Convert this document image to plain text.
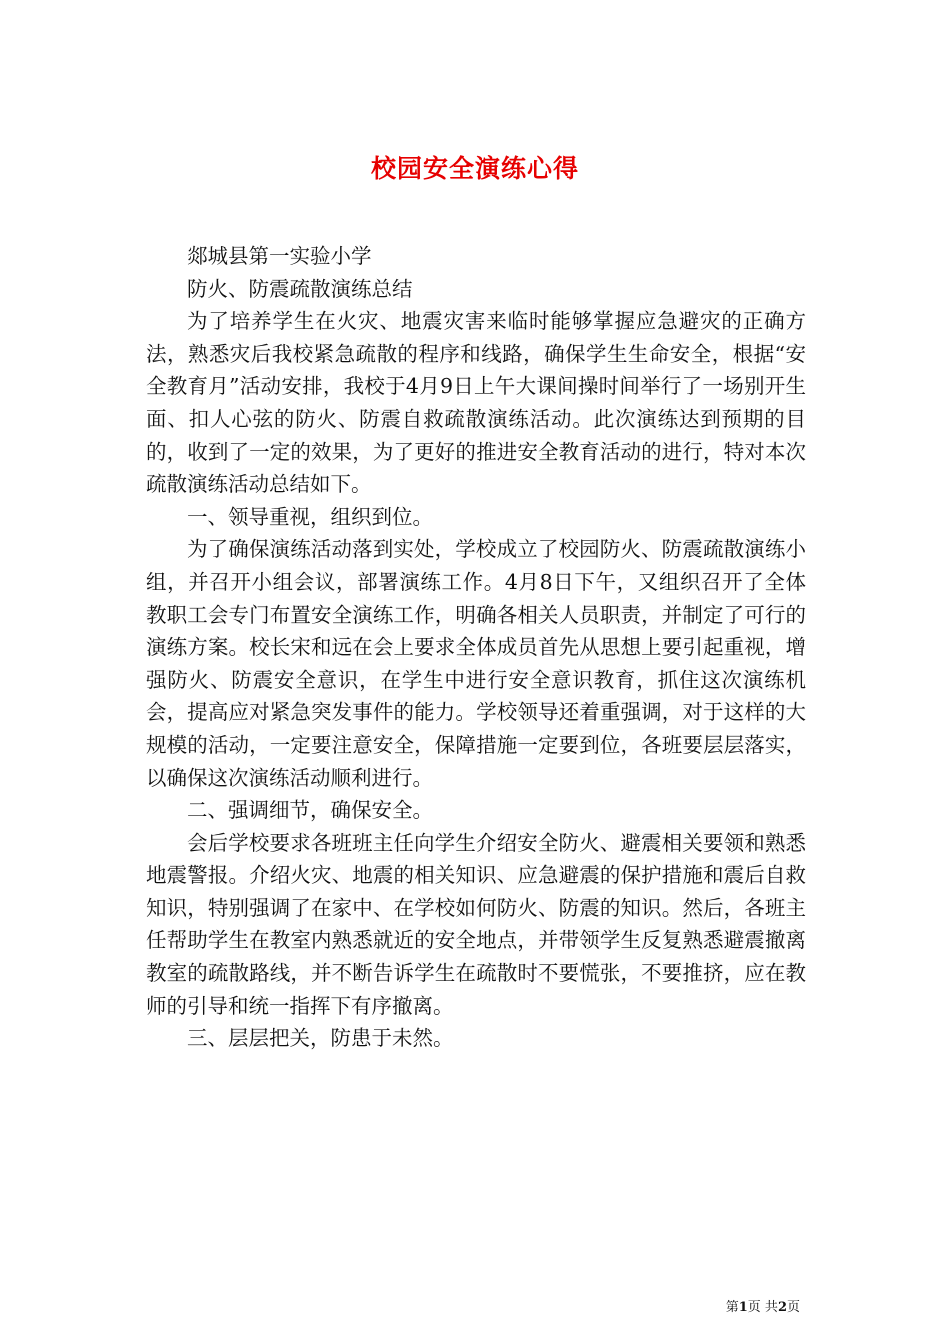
校园安全演练心得

郯城县第一实验小学

防火、防震疏散演练总结

为了培养学生在火灾、地震灾害来临时能够掌握应急避灾的正确方法，熟悉灾后我校紧急疏散的程序和线路，确保学生生命安全，根据“安全教育月”活动安排，我校于4月9日上午大课间操时间举行了一场别开生面、扣人心弦的防火、防震自救疏散演练活动。此次演练达到预期的目的，收到了一定的效果，为了更好的推进安全教育活动的进行，特对本次疏散演练活动总结如下。

一、领导重视，组织到位。

为了确保演练活动落到实处，学校成立了校园防火、防震疏散演练小组，并召开小组会议，部署演练工作。4月8日下午，又组织召开了全体教职工会专门布置安全演练工作，明确各相关人员职责，并制定了可行的演练方案。校长宋和远在会上要求全体成员首先从思想上要引起重视，增强防火、防震安全意识，在学生中进行安全意识教育，抓住这次演练机会，提高应对紧急突发事件的能力。学校领导还着重强调，对于这样的大规模的活动，一定要注意安全，保障措施一定要到位，各班要层层落实，以确保这次演练活动顺利进行。

二、强调细节，确保安全。

会后学校要求各班班主任向学生介绍安全防火、避震相关要领和熟悉地震警报。介绍火灾、地震的相关知识、应急避震的保护措施和震后自救知识，特别强调了在家中、在学校如何防火、防震的知识。然后，各班主任帮助学生在教室内熟悉就近的安全地点，并带领学生反复熟悉避震撤离教室的疏散路线，并不断告诉学生在疏散时不要慌张，不要推挤，应在教师的引导和统一指挥下有序撤离。

三、层层把关，防患于未然。

第1页 共2页
